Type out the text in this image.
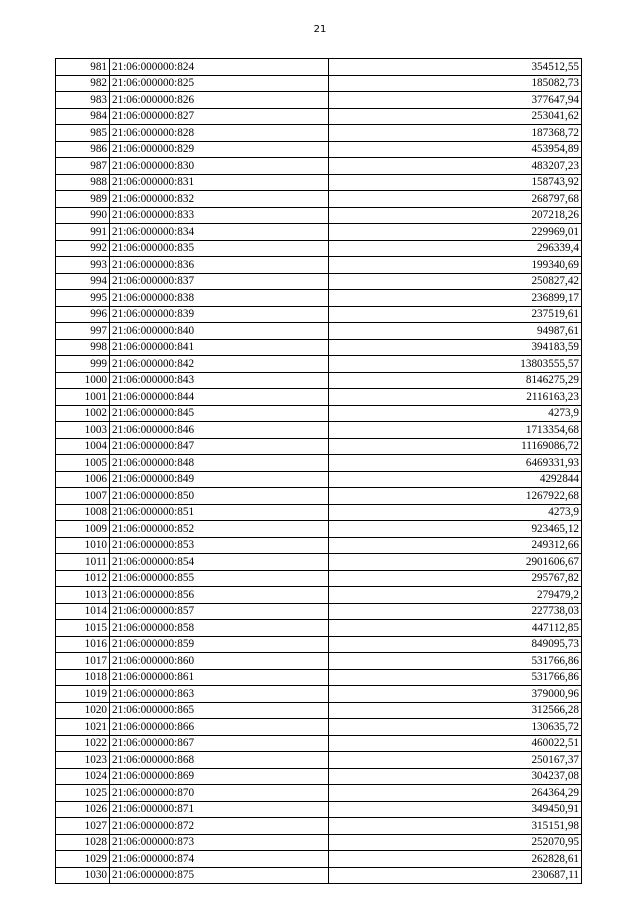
21
981	21:06:000000:824	354512,55
982	21:06:000000:825	185082,73
983	21:06:000000:826	377647,94
984	21:06:000000:827	253041,62
985	21:06:000000:828	187368,72
986	21:06:000000:829	453954,89
987	21:06:000000:830	483207,23
988	21:06:000000:831	158743,92
989	21:06:000000:832	268797,68
990	21:06:000000:833	207218,26
991	21:06:000000:834	229969,01
992	21:06:000000:835	296339,4
993	21:06:000000:836	199340,69
994	21:06:000000:837	250827,42
995	21:06:000000:838	236899,17
996	21:06:000000:839	237519,61
997	21:06:000000:840	94987,61
998	21:06:000000:841	394183,59
999	21:06:000000:842	13803555,57
1000	21:06:000000:843	8146275,29
1001	21:06:000000:844	2116163,23
1002	21:06:000000:845	4273,9
1003	21:06:000000:846	1713354,68
1004	21:06:000000:847	11169086,72
1005	21:06:000000:848	6469331,93
1006	21:06:000000:849	4292844
1007	21:06:000000:850	1267922,68
1008	21:06:000000:851	4273,9
1009	21:06:000000:852	923465,12
1010	21:06:000000:853	249312,66
1011	21:06:000000:854	2901606,67
1012	21:06:000000:855	295767,82
1013	21:06:000000:856	279479,2
1014	21:06:000000:857	227738,03
1015	21:06:000000:858	447112,85
1016	21:06:000000:859	849095,73
1017	21:06:000000:860	531766,86
1018	21:06:000000:861	531766,86
1019	21:06:000000:863	379000,96
1020	21:06:000000:865	312566,28
1021	21:06:000000:866	130635,72
1022	21:06:000000:867	460022,51
1023	21:06:000000:868	250167,37
1024	21:06:000000:869	304237,08
1025	21:06:000000:870	264364,29
1026	21:06:000000:871	349450,91
1027	21:06:000000:872	315151,98
1028	21:06:000000:873	252070,95
1029	21:06:000000:874	262828,61
1030	21:06:000000:875	230687,11
